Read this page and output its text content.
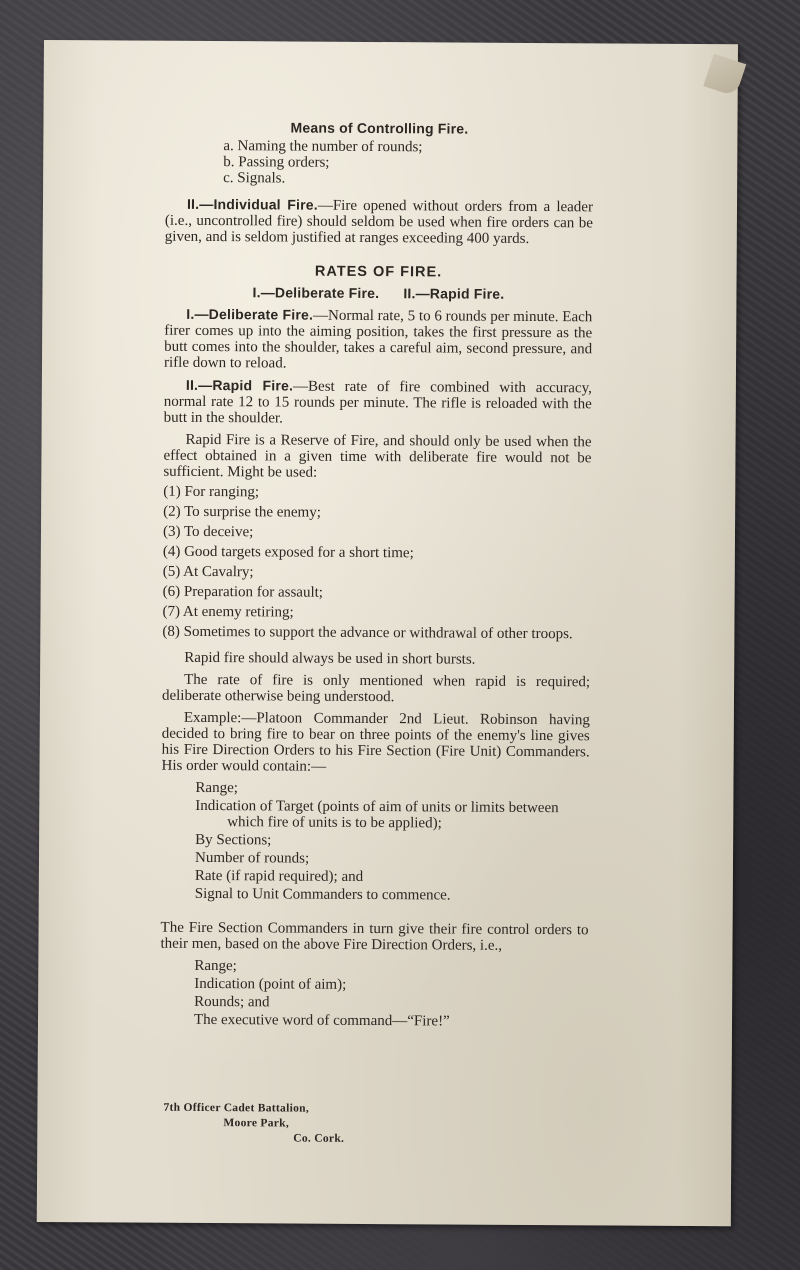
Means of Controlling Fire.
a. Naming the number of rounds;
b. Passing orders;
c. Signals.

II.—Individual Fire.—Fire opened without orders from a leader (i.e., uncontrolled fire) should seldom be used when fire orders can be given, and is seldom justified at ranges exceeding 400 yards.

RATES OF FIRE.
I.—Deliberate Fire. II.—Rapid Fire.

I.—Deliberate Fire.—Normal rate, 5 to 6 rounds per minute. Each firer comes up into the aiming position, takes the first pressure as the butt comes into the shoulder, takes a careful aim, second pressure, and rifle down to reload.

II.—Rapid Fire.—Best rate of fire combined with accuracy, normal rate 12 to 15 rounds per minute. The rifle is reloaded with the butt in the shoulder.

Rapid Fire is a Reserve of Fire, and should only be used when the effect obtained in a given time with deliberate fire would not be sufficient. Might be used:

(1) For ranging;
(2) To surprise the enemy;
(3) To deceive;
(4) Good targets exposed for a short time;
(5) At Cavalry;
(6) Preparation for assault;
(7) At enemy retiring;
(8) Sometimes to support the advance or withdrawal of other troops.

Rapid fire should always be used in short bursts.

The rate of fire is only mentioned when rapid is required; deliberate otherwise being understood.

Example:—Platoon Commander 2nd Lieut. Robinson having decided to bring fire to bear on three points of the enemy's line gives his Fire Direction Orders to his Fire Section (Fire Unit) Commanders. His order would contain:—

Range;
Indication of Target (points of aim of units or limits between which fire of units is to be applied);
By Sections;
Number of rounds;
Rate (if rapid required); and
Signal to Unit Commanders to commence.

The Fire Section Commanders in turn give their fire control orders to their men, based on the above Fire Direction Orders, i.e.,

Range;
Indication (point of aim);
Rounds; and
The executive word of command—“Fire!”
7th Officer Cadet Battalion,
Moore Park,
Co. Cork.
